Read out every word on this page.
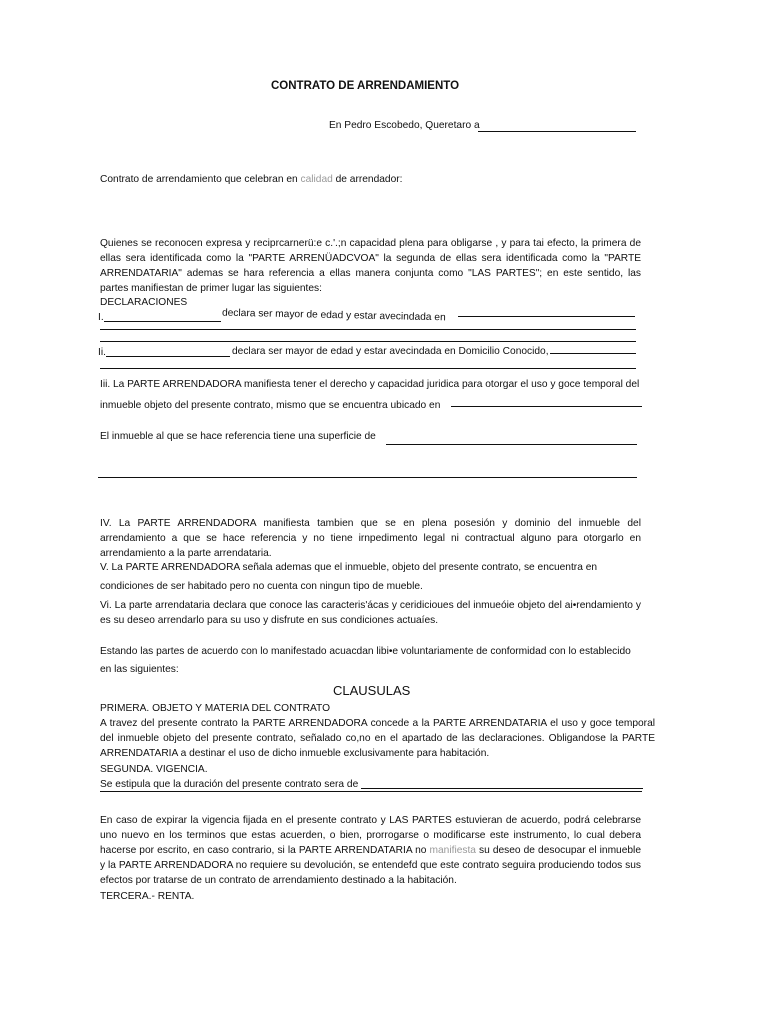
CONTRATO DE ARRENDAMIENTO
En Pedro Escobedo, Queretaro a
Contrato de arrendamiento que celebran en calidad de arrendador:
Quienes se reconocen expresa y reciprcarnerü:e c.'.;n capacidad plena para obligarse , y para tai efecto, la primera de ellas sera identificada como la "PARTE ARRENÜADCVOA" la segunda de ellas sera identificada como la "PARTE ARRENDATARIA" ademas se hara referencia a ellas manera conjunta como "LAS PARTES"; en este sentido, las partes manifiestan de primer lugar las siguientes:
DECLARACIONES
I.	declara ser mayor de edad y estar avecindada en
Ii.	declara ser mayor de edad y estar avecindada en Domicilio Conocido,
Iii. La PARTE ARRENDADORA manifiesta tener el derecho y capacidad juridica para otorgar el uso y goce temporal del
inmueble objeto del presente contrato, mismo que se encuentra ubicado en
El inmueble al que se hace referencia tiene una superficie de
IV. La PARTE ARRENDADORA manifiesta tambien que se en plena posesión y dominio del inmueble del arrendamiento a que se hace referencia y no tiene irnpedimento legal ni contractual alguno para otorgarlo en arrendamiento a la parte arrendataria.
V. La PARTE ARRENDADORA señala ademas que el inmueble, objeto del presente contrato, se encuentra en
condiciones de ser habitado pero no cuenta con ningun tipo de mueble.
Vi. La parte arrendataria declara que conoce las caracteris'ácas y ceridicioues del inmueóie objeto del ai•rendamiento y es su deseo arrendarlo para su uso y disfrute en sus condiciones actuaíes.
Estando las partes de acuerdo con lo manifestado acuacdan libi•e voluntariamente de conformidad con lo establecido
en las siguientes:
CLAUSULAS
PRIMERA. OBJETO Y MATERIA DEL CONTRATO
A travez del presente contrato la PARTE ARRENDADORA concede a la PARTE ARRENDATARIA el uso y goce temporal del inmueble objeto del presente contrato, señalado co,no en el apartado de las declaraciones. Obligandose la PARTE ARRENDATARIA a destinar el uso de dicho inmueble exclusivamente para habitación.
SEGUNDA. VIGENCIA.
Se estipula que la duración del presente contrato sera de
En caso de expirar la vigencia fijada en el presente contrato y LAS PARTES estuvieran de acuerdo, podrá celebrarse uno nuevo en los terminos que estas acuerden, o bien, prorrogarse o modificarse este instrumento, lo cual debera hacerse por escrito, en caso contrario, si la PARTE ARRENDATARIA no manifiesta su deseo de desocupar el inmueble y la PARTE ARRENDADORA no requiere su devolución, se entendefd que este contrato seguira produciendo todos sus efectos por tratarse de un contrato de arrendamiento destinado a la habitación.
TERCERA.- RENTA.
